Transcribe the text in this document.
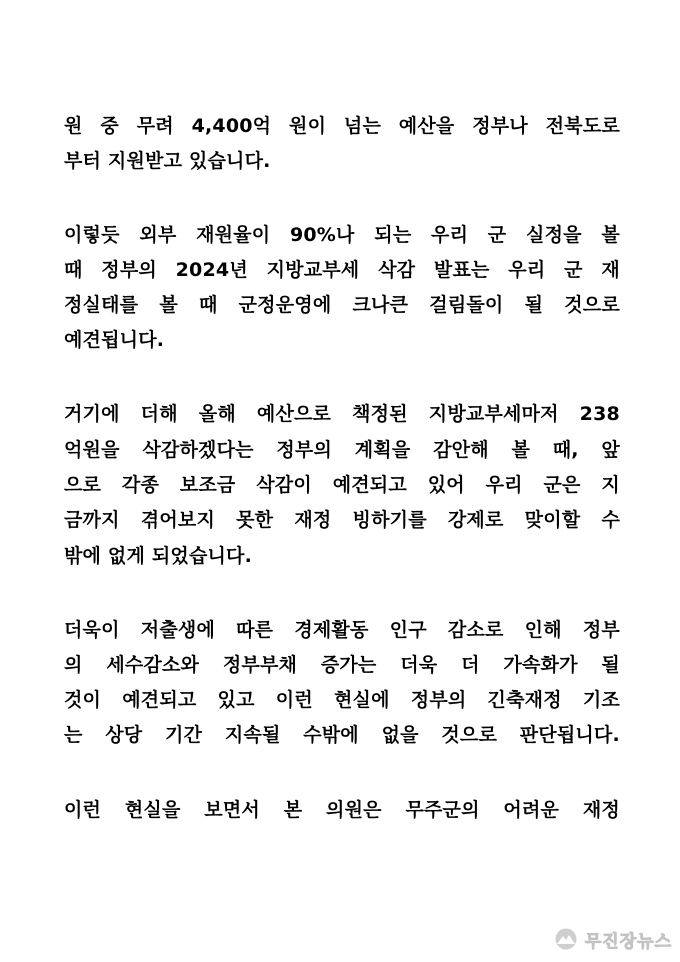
원 중 무려 4,400억 원이 넘는 예산을 정부나 전북도로
부터 지원받고 있습니다.
이렇듯 외부 재원율이 90%나 되는 우리 군 실정을 볼
때 정부의 2024년 지방교부세 삭감 발표는 우리 군 재
정실태를 볼 때 군정운영에 크나큰 걸림돌이 될 것으로
예견됩니다.
거기에 더해 올해 예산으로 책정된 지방교부세마저 238
억원을 삭감하겠다는 정부의 계획을 감안해 볼 때, 앞
으로 각종 보조금 삭감이 예견되고 있어 우리 군은 지
금까지 겪어보지 못한 재정 빙하기를 강제로 맞이할 수
밖에 없게 되었습니다.
더욱이 저출생에 따른 경제활동 인구 감소로 인해 정부
의 세수감소와 정부부채 증가는 더욱 더 가속화가 될
것이 예견되고 있고 이런 현실에 정부의 긴축재정 기조
는 상당 기간 지속될 수밖에 없을 것으로 판단됩니다.
이런 현실을 보면서 본 의원은 무주군의 어려운 재정
무진장뉴스
